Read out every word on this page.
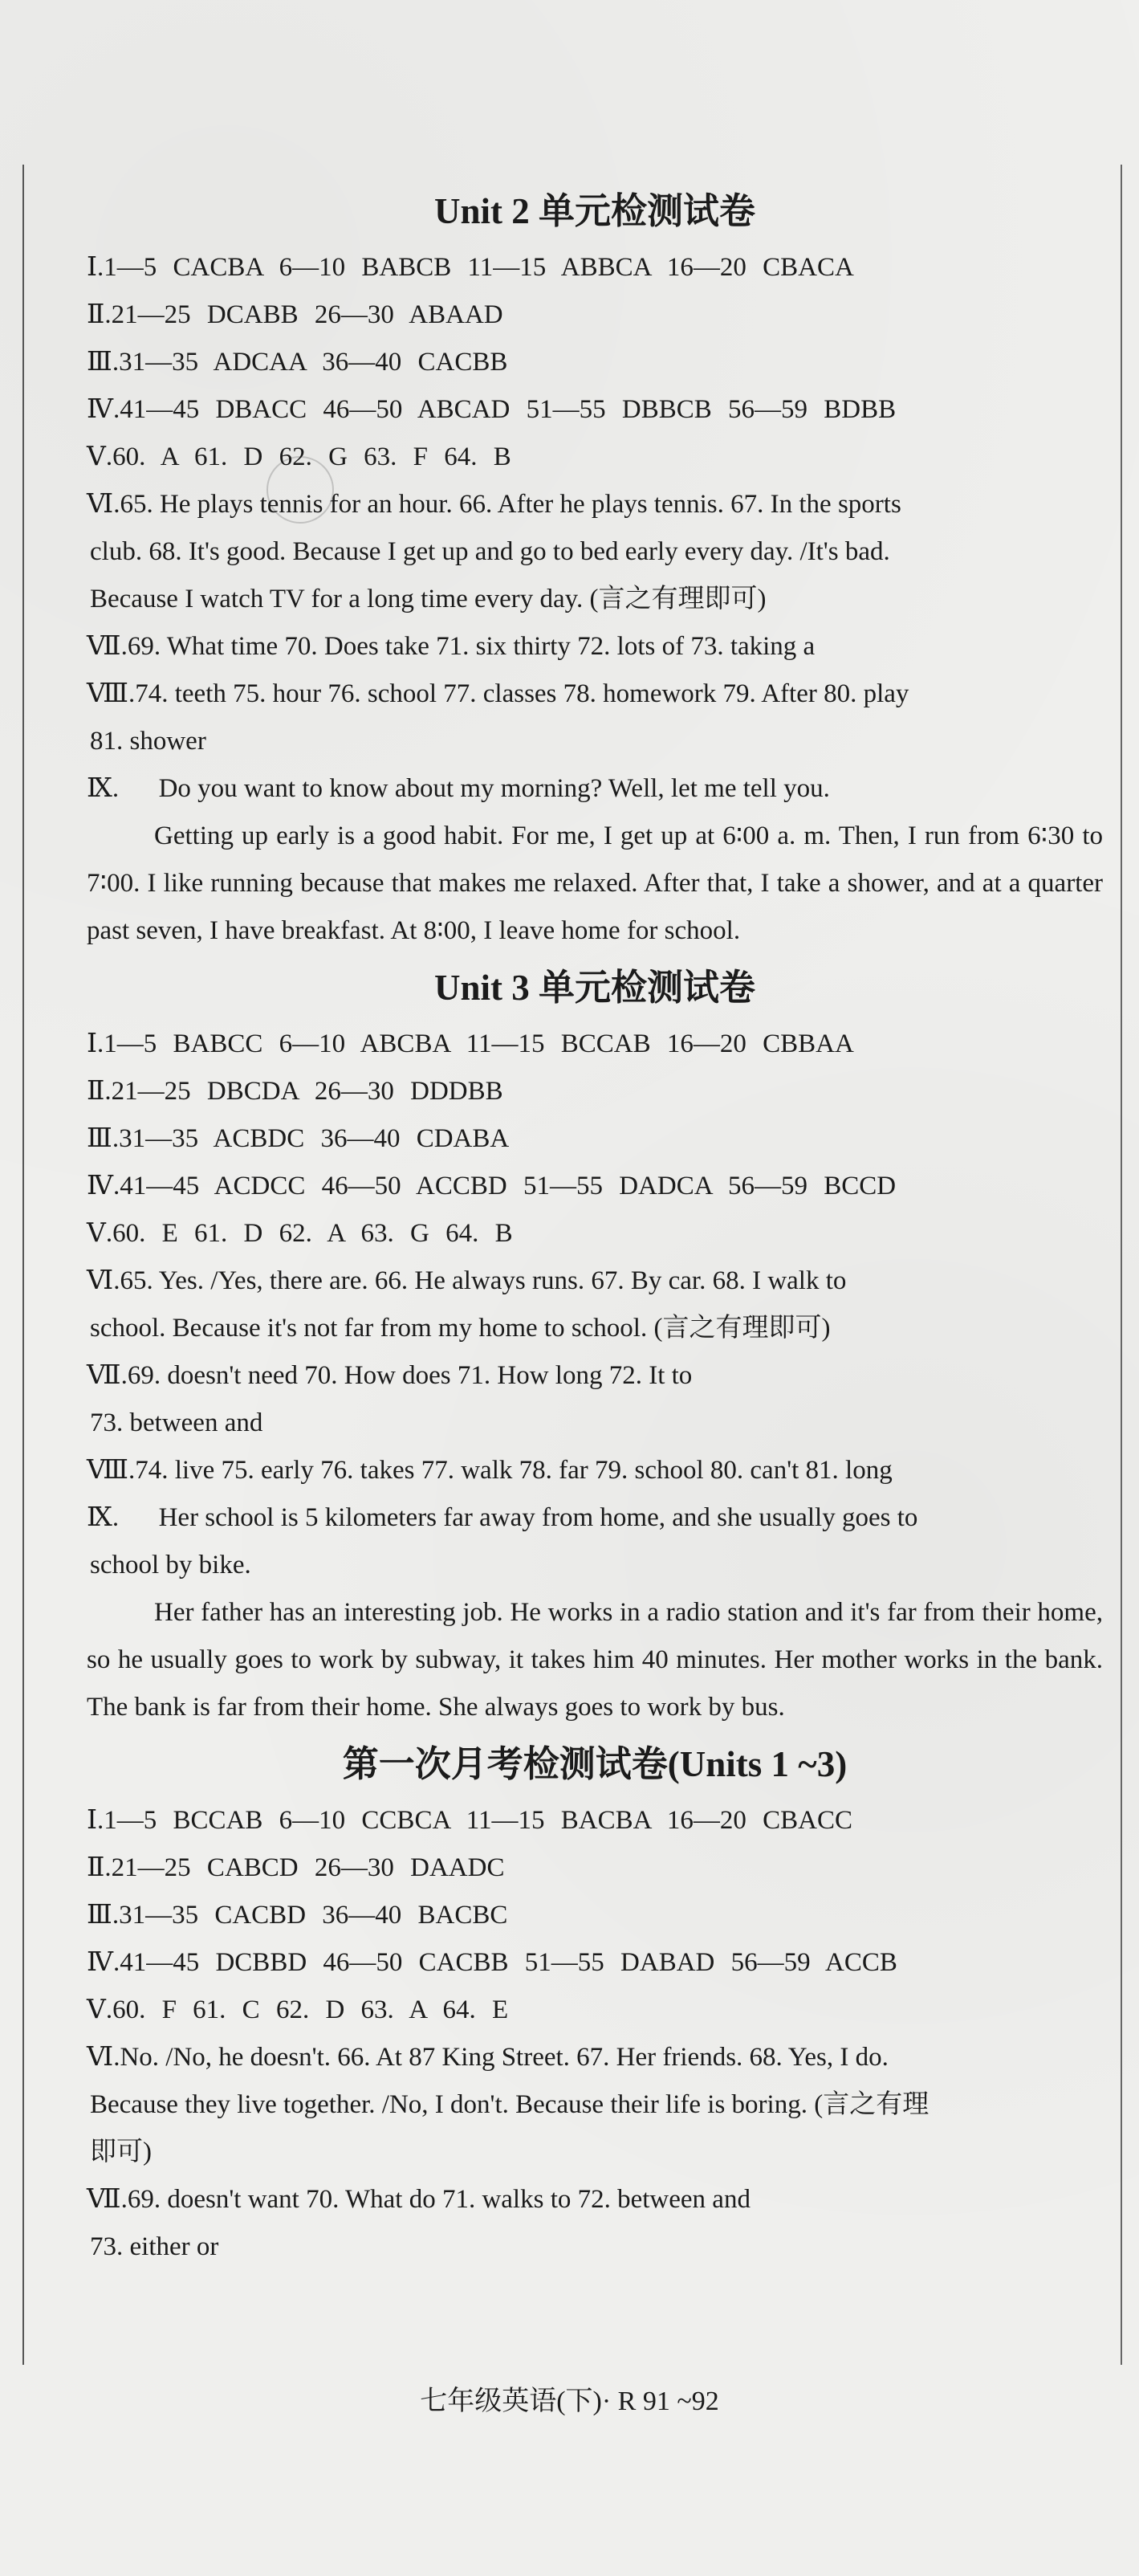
Unit 2 单元检测试卷
Ⅰ.1—5 CACBA 6—10 BABCB 11—15 ABBCA 16—20 CBACA
Ⅱ.21—25 DCABB 26—30 ABAAD
Ⅲ.31—35 ADCAA 36—40 CACBB
Ⅳ.41—45 DBACC 46—50 ABCAD 51—55 DBBCB 56—59 BDBB
Ⅴ.60. A 61. D 62. G 63. F 64. B
Ⅵ.65. He plays tennis for an hour. 66. After he plays tennis. 67. In the sports
club. 68. It's good. Because I get up and go to bed early every day. /It's bad.
Because I watch TV for a long time every day. (言之有理即可)
Ⅶ.69. What time 70. Does take 71. six thirty 72. lots of 73. taking a
Ⅷ.74. teeth 75. hour 76. school 77. classes 78. homework 79. After 80. play
81. shower
Ⅸ.      Do you want to know about my morning? Well, let me tell you.

Getting up early is a good habit. For me, I get up at 6∶00 a. m. Then, I run from 6∶30 to 7∶00. I like running because that makes me relaxed. After that, I take a shower, and at a quarter past seven, I have breakfast. At 8∶00, I leave home for school.

Unit 3 单元检测试卷
Ⅰ.1—5 BABCC 6—10 ABCBA 11—15 BCCAB 16—20 CBBAA
Ⅱ.21—25 DBCDA 26—30 DDDBB
Ⅲ.31—35 ACBDC 36—40 CDABA
Ⅳ.41—45 ACDCC 46—50 ACCBD 51—55 DADCA 56—59 BCCD
Ⅴ.60. E 61. D 62. A 63. G 64. B
Ⅵ.65. Yes. /Yes, there are. 66. He always runs. 67. By car. 68. I walk to
school. Because it's not far from my home to school. (言之有理即可)
Ⅶ.69. doesn't need 70. How does 71. How long 72. It to
73. between and
Ⅷ.74. live 75. early 76. takes 77. walk 78. far 79. school 80. can't 81. long
Ⅸ.      Her school is 5 kilometers far away from home, and she usually goes to
school by bike.

Her father has an interesting job. He works in a radio station and it's far from their home, so he usually goes to work by subway, it takes him 40 minutes. Her mother works in the bank. The bank is far from their home. She always goes to work by bus.

第一次月考检测试卷(Units 1 ~3)
Ⅰ.1—5 BCCAB 6—10 CCBCA 11—15 BACBA 16—20 CBACC
Ⅱ.21—25 CABCD 26—30 DAADC
Ⅲ.31—35 CACBD 36—40 BACBC
Ⅳ.41—45 DCBBD 46—50 CACBB 51—55 DABAD 56—59 ACCB
Ⅴ.60. F 61. C 62. D 63. A 64. E
Ⅵ.No. /No, he doesn't. 66. At 87 King Street. 67. Her friends. 68. Yes, I do.
Because they live together. /No, I don't. Because their life is boring. (言之有理
即可)
Ⅶ.69. doesn't want 70. What do 71. walks to 72. between and
73. either or
七年级英语(下)· R 91 ~92
